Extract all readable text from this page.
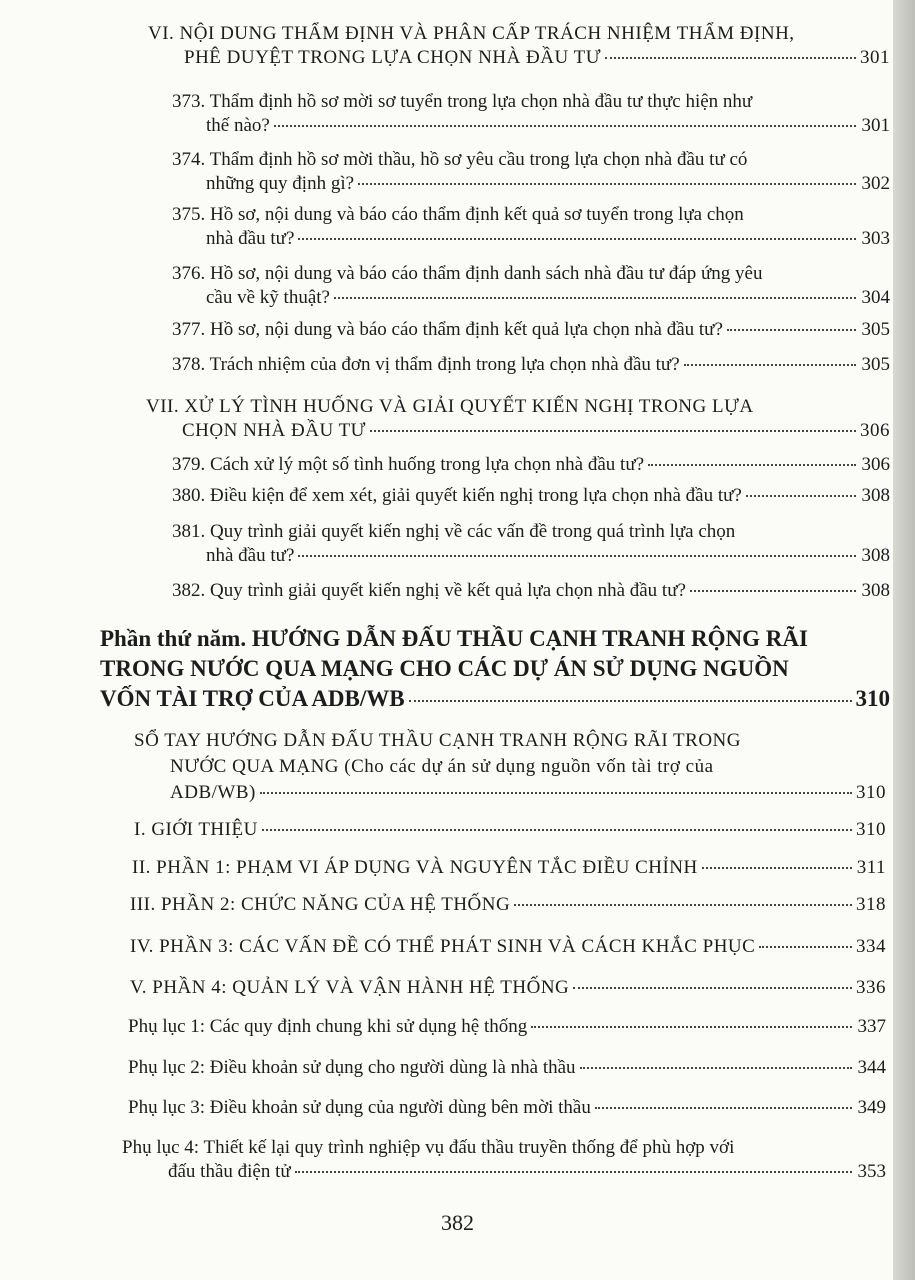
VI. NỘI DUNG THẨM ĐỊNH VÀ PHÂN CẤP TRÁCH NHIỆM THẨM ĐỊNH,
PHÊ DUYỆT TRONG LỰA CHỌN NHÀ ĐẦU TƯ	301
373. Thẩm định hồ sơ mời sơ tuyển trong lựa chọn nhà đầu tư thực hiện như
thế nào?	301
374. Thẩm định hồ sơ mời thầu, hồ sơ yêu cầu trong lựa chọn nhà đầu tư có
những quy định gì?	302
375. Hồ sơ, nội dung và báo cáo thẩm định kết quả sơ tuyển trong lựa chọn
nhà đầu tư?	303
376. Hồ sơ, nội dung và báo cáo thẩm định danh sách nhà đầu tư đáp ứng yêu
cầu về kỹ thuật?	304
377. Hồ sơ, nội dung và báo cáo thẩm định kết quả lựa chọn nhà đầu tư?	305
378. Trách nhiệm của đơn vị thẩm định trong lựa chọn nhà đầu tư?	305
VII. XỬ LÝ TÌNH HUỐNG VÀ GIẢI QUYẾT KIẾN NGHỊ TRONG LỰA
CHỌN NHÀ ĐẦU TƯ	306
379. Cách xử lý một số tình huống trong lựa chọn nhà đầu tư?	306
380. Điều kiện để xem xét, giải quyết kiến nghị trong lựa chọn nhà đầu tư?	308
381. Quy trình giải quyết kiến nghị về các vấn đề trong quá trình lựa chọn
nhà đầu tư?	308
382. Quy trình giải quyết kiến nghị về kết quả lựa chọn nhà đầu tư?	308
Phần thứ năm. HƯỚNG DẪN ĐẤU THẦU CẠNH TRANH RỘNG RÃI
TRONG NƯỚC QUA MẠNG CHO CÁC DỰ ÁN SỬ DỤNG NGUỒN
VỐN TÀI TRỢ CỦA ADB/WB	310
SỔ TAY HƯỚNG DẪN ĐẤU THẦU CẠNH TRANH RỘNG RÃI TRONG
NƯỚC QUA MẠNG (Cho các dự án sử dụng nguồn vốn tài trợ của
ADB/WB)	310
I. GIỚI THIỆU	310
II. PHẦN 1: PHẠM VI ÁP DỤNG VÀ NGUYÊN TẮC ĐIỀU CHỈNH	311
III. PHẦN 2: CHỨC NĂNG CỦA HỆ THỐNG	318
IV. PHẦN 3: CÁC VẤN ĐỀ CÓ THỂ PHÁT SINH VÀ CÁCH KHẮC PHỤC	334
V. PHẦN 4: QUẢN LÝ VÀ VẬN HÀNH HỆ THỐNG	336
Phụ lục 1: Các quy định chung khi sử dụng hệ thống	337
Phụ lục 2: Điều khoản sử dụng cho người dùng là nhà thầu	344
Phụ lục 3: Điều khoản sử dụng của người dùng bên mời thầu	349
Phụ lục 4: Thiết kế lại quy trình nghiệp vụ đấu thầu truyền thống để phù hợp với
đấu thầu điện tử	353
382
